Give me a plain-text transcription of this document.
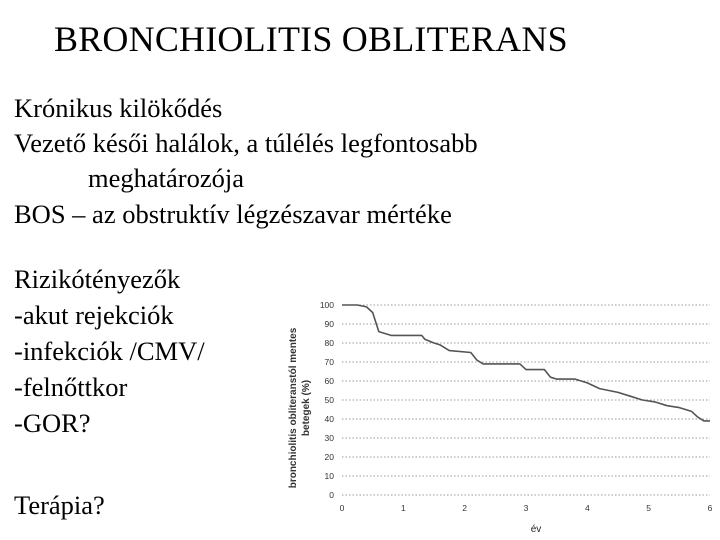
BRONCHIOLITIS OBLITERANS
Krónikus kilökődés
Vezető késői halálok, a túlélés legfontosabb
meghatározója
BOS – az obstruktív légzészavar mértéke
Rizikótényezők
-akut rejekciók
-infekciók /CMV/
-felnőttkor
-GOR?
Terápia?	0
10
20
30
40
50
60
70
80
90
100
0	1	2	3	4	5	6
év
bronchiolitis obliteranstól mentes betegek (%)
